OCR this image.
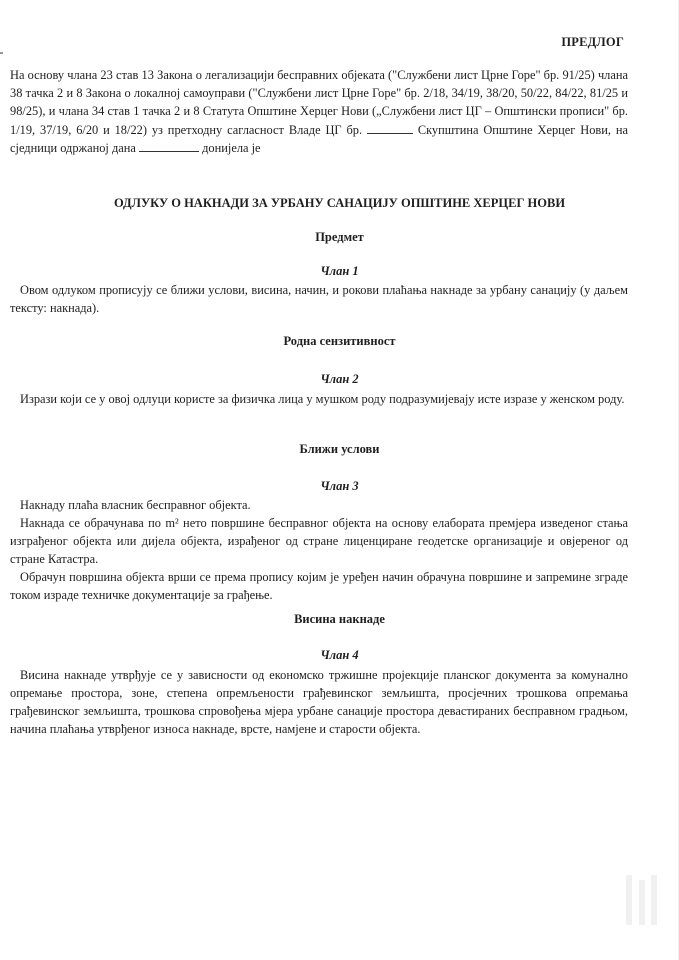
ПРЕДЛОГ
На основу члана 23 став 13 Закона о легализацији бесправних објеката ("Службени лист Црне Горе" бр. 91/25) члана 38 тачка 2 и 8 Закона о локалној самоуправи ("Службени лист Црне Горе" бр. 2/18, 34/19, 38/20, 50/22, 84/22, 81/25 и 98/25), и члана 34 став 1 тачка 2 и 8 Статута Општине Херцег Нови („Службени лист ЦГ – Општински прописи" бр. 1/19, 37/19, 6/20 и 18/22) уз претходну сагласност Владе ЦГ бр.	Скупштина Општине Херцег Нови, на сједници одржаној дана	донијела је
ОДЛУКУ О НАКНАДИ ЗА УРБАНУ САНАЦИЈУ ОПШТИНЕ ХЕРЦЕГ НОВИ
Предмет
Члан 1

Овом одлуком прописују се ближи услови, висина, начин, и рокови плаћања накнаде за урбану санацију (у даљем тексту: накнада).

Родна сензитивност
Члан 2

Изрази који се у овој одлуци користе за физичка лица у мушком роду подразумијевају исте изразе у женском роду.

Ближи услови
Члан 3

Накнаду плаћа власник бесправног објекта.

Накнада се обрачунава по m² нето површине бесправног објекта на основу елабората премјера изведеног стања изграђеног објекта или дијела објекта, израђеног од стране лиценциране геодетске организације и овјереног од стране Катастра.

Обрачун површина објекта врши се према пропису којим је уређен начин обрачуна површине и запремине зграде током израде техничке документације за грађење.

Висина накнаде
Члан 4

Висина накнаде утврђује се у зависности од економско тржишне пројекције планског документа за комунално опремање простора, зоне, степена опремљености грађевинског земљишта, просјечних трошкова опремања грађевинског земљишта, трошкова спровођења мјера урбане санације простора девастираних бесправном градњом, начина плаћања утврђеног износа накнаде, врсте, намјене и старости објекта.
